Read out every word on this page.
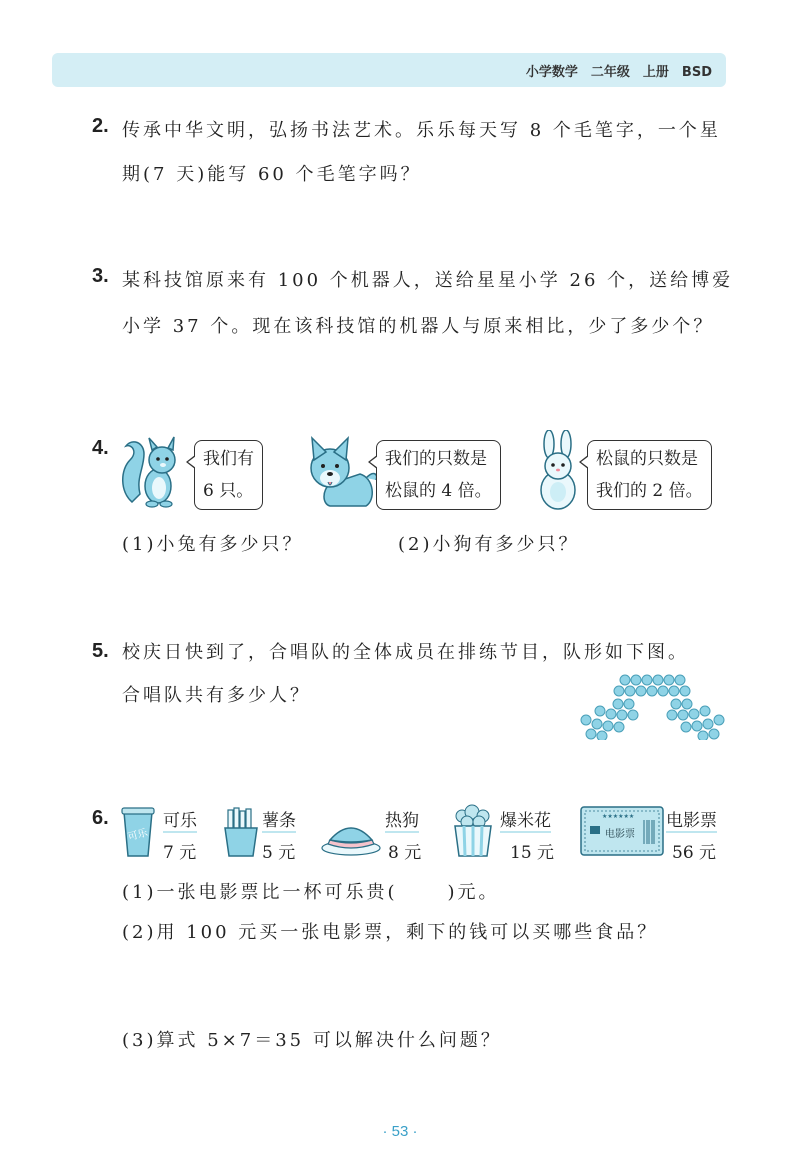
小学数学　二年级　上册　BSD
2. 传承中华文明，弘扬书法艺术。乐乐每天写 8 个毛笔字，一个星
期(7 天)能写 60 个毛笔字吗？
3. 某科技馆原来有 100 个机器人，送给星星小学 26 个，送给博爱
小学 37 个。现在该科技馆的机器人与原来相比，少了多少个？
4.	我们有
6 只。
我们的只数是
松鼠的 4 倍。
松鼠的只数是
我们的 2 倍。
(1)小兔有多少只？	(2)小狗有多少只？
5. 校庆日快到了，合唱队的全体成员在排练节目，队形如下图。
合唱队共有多少人？
6.
可乐
可乐
7 元
薯条
5 元
热狗
8 元
爆米花
15 元
★★★★★★
电影票
电影票
56 元
(1)一张电影票比一杯可乐贵(	)元。
(2)用 100 元买一张电影票，剩下的钱可以买哪些食品？
(3)算式 5×7＝35 可以解决什么问题？
· 53 ·
